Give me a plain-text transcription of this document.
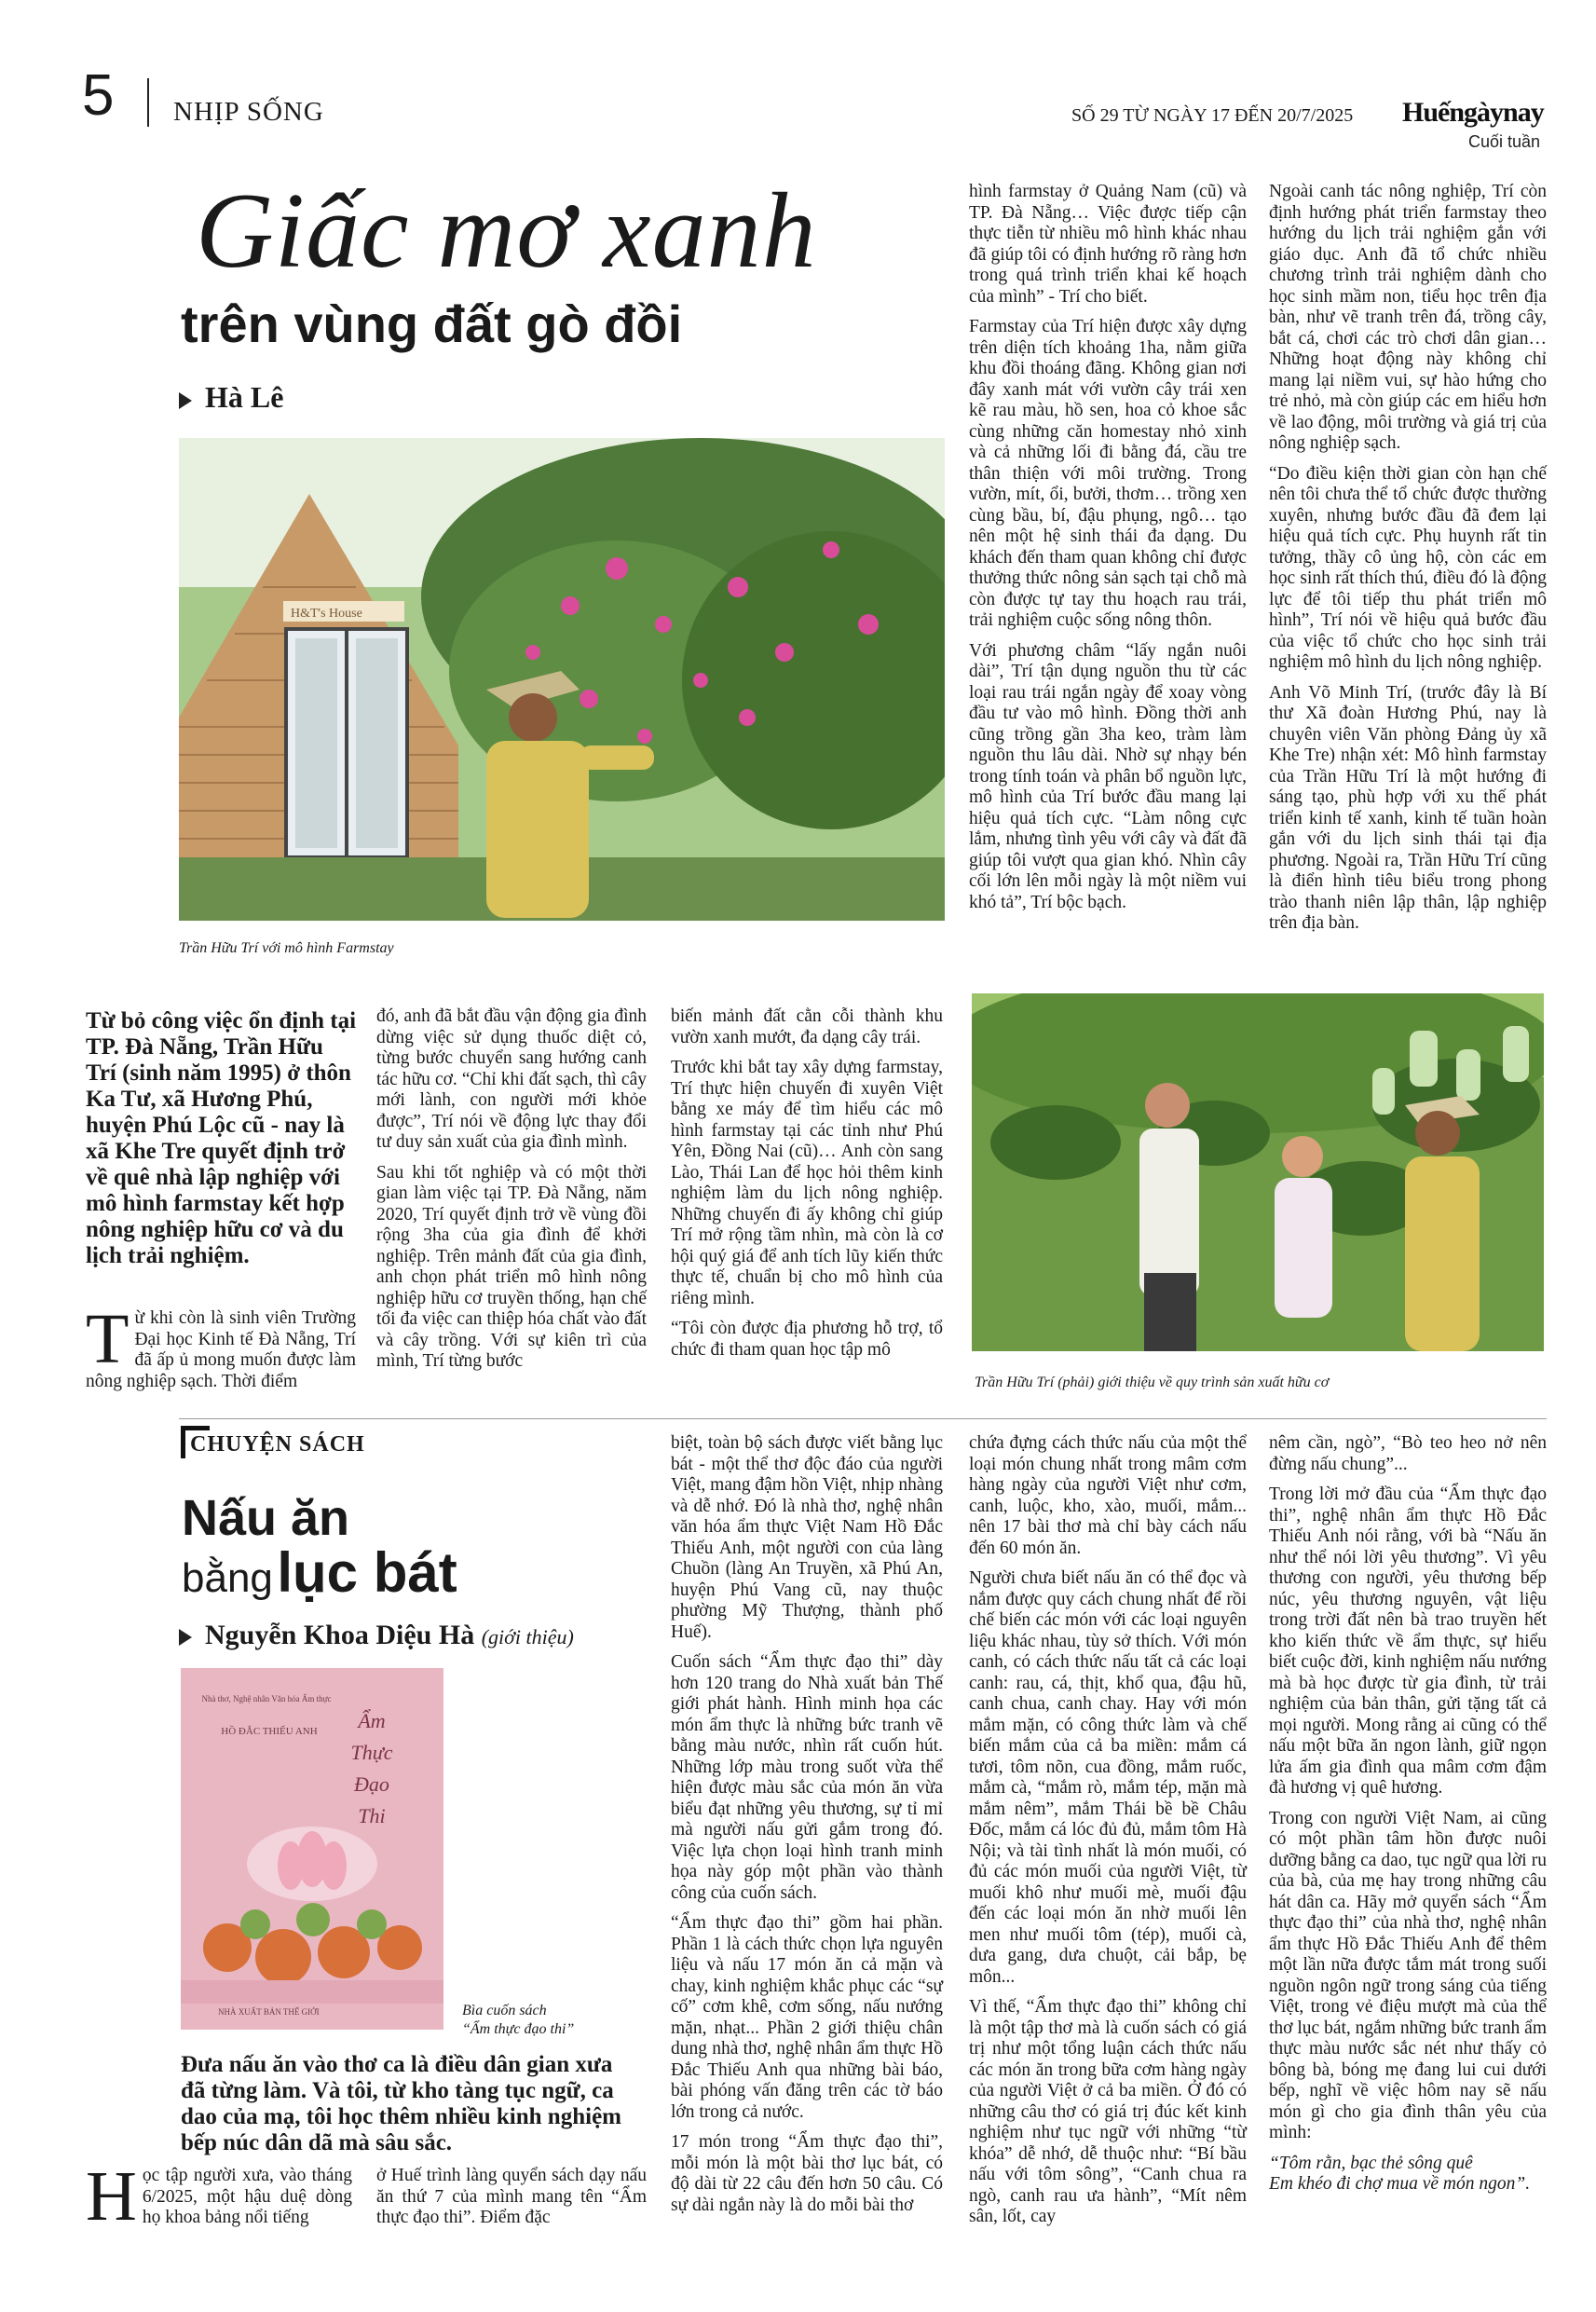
5 NHỊP SỐNG	SỐ 29 TỪ NGÀY 17 ĐẾN 20/7/2025 Huếngàynay
Cuối tuần
Giấc mơ xanh
trên vùng đất gò đồi
Hà Lê
H&T's House
Trần Hữu Trí với mô hình Farmstay
Từ bỏ công việc ổn định tại TP. Đà Nẵng, Trần Hữu Trí (sinh năm 1995) ở thôn Ka Tư, xã Hương Phú, huyện Phú Lộc cũ - nay là xã Khe Tre quyết định trở về quê nhà lập nghiệp với mô hình farmstay kết hợp nông nghiệp hữu cơ và du lịch trải nghiệm.
Từ khi còn là sinh viên Trường Đại học Kinh tế Đà Nẵng, Trí đã ấp ủ mong muốn được làm nông nghiệp sạch. Thời điểm

đó, anh đã bắt đầu vận động gia đình dừng việc sử dụng thuốc diệt cỏ, từng bước chuyển sang hướng canh tác hữu cơ. “Chỉ khi đất sạch, thì cây mới lành, con người mới khỏe được”, Trí nói về động lực thay đổi tư duy sản xuất của gia đình mình.

Sau khi tốt nghiệp và có một thời gian làm việc tại TP. Đà Nẵng, năm 2020, Trí quyết định trở về vùng đồi rộng 3ha của gia đình để khởi nghiệp. Trên mảnh đất của gia đình, anh chọn phát triển mô hình nông nghiệp hữu cơ truyền thống, hạn chế tối đa việc can thiệp hóa chất vào đất và cây trồng. Với sự kiên trì của mình, Trí từng bước

biến mảnh đất cằn cỗi thành khu vườn xanh mướt, đa dạng cây trái.

Trước khi bắt tay xây dựng farmstay, Trí thực hiện chuyến đi xuyên Việt bằng xe máy để tìm hiểu các mô hình farmstay tại các tỉnh như Phú Yên, Đồng Nai (cũ)… Anh còn sang Lào, Thái Lan để học hỏi thêm kinh nghiệm làm du lịch nông nghiệp. Những chuyến đi ấy không chỉ giúp Trí mở rộng tầm nhìn, mà còn là cơ hội quý giá để anh tích lũy kiến thức thực tế, chuẩn bị cho mô hình của riêng mình.

“Tôi còn được địa phương hỗ trợ, tổ chức đi tham quan học tập mô

hình farmstay ở Quảng Nam (cũ) và TP. Đà Nẵng… Việc được tiếp cận thực tiễn từ nhiều mô hình khác nhau đã giúp tôi có định hướng rõ ràng hơn trong quá trình triển khai kế hoạch của mình” - Trí cho biết.

Farmstay của Trí hiện được xây dựng trên diện tích khoảng 1ha, nằm giữa khu đồi thoáng đãng. Không gian nơi đây xanh mát với vườn cây trái xen kẽ rau màu, hồ sen, hoa cỏ khoe sắc cùng những căn homestay nhỏ xinh và cả những lối đi bằng đá, cầu tre thân thiện với môi trường. Trong vườn, mít, ổi, bưởi, thơm… trồng xen cùng bầu, bí, đậu phụng, ngô… tạo nên một hệ sinh thái đa dạng. Du khách đến tham quan không chỉ được thưởng thức nông sản sạch tại chỗ mà còn được tự tay thu hoạch rau trái, trải nghiệm cuộc sống nông thôn.

Với phương châm “lấy ngắn nuôi dài”, Trí tận dụng nguồn thu từ các loại rau trái ngắn ngày để xoay vòng đầu tư vào mô hình. Đồng thời anh cũng trồng gần 3ha keo, tràm làm nguồn thu lâu dài. Nhờ sự nhạy bén trong tính toán và phân bổ nguồn lực, mô hình của Trí bước đầu mang lại hiệu quả tích cực. “Làm nông cực lắm, nhưng tình yêu với cây và đất đã giúp tôi vượt qua gian khó. Nhìn cây cối lớn lên mỗi ngày là một niềm vui khó tả”, Trí bộc bạch.

Ngoài canh tác nông nghiệp, Trí còn định hướng phát triển farmstay theo hướng du lịch trải nghiệm gắn với giáo dục. Anh đã tổ chức nhiều chương trình trải nghiệm dành cho học sinh mầm non, tiểu học trên địa bàn, như vẽ tranh trên đá, trồng cây, bắt cá, chơi các trò chơi dân gian… Những hoạt động này không chỉ mang lại niềm vui, sự hào hứng cho trẻ nhỏ, mà còn giúp các em hiểu hơn về lao động, môi trường và giá trị của nông nghiệp sạch.

“Do điều kiện thời gian còn hạn chế nên tôi chưa thể tổ chức được thường xuyên, nhưng bước đầu đã đem lại hiệu quả tích cực. Phụ huynh rất tin tưởng, thầy cô ủng hộ, còn các em học sinh rất thích thú, điều đó là động lực để tôi tiếp thu phát triển mô hình”, Trí nói về hiệu quả bước đầu của việc tổ chức cho học sinh trải nghiệm mô hình du lịch nông nghiệp.

Anh Võ Minh Trí, (trước đây là Bí thư Xã đoàn Hương Phú, nay là chuyên viên Văn phòng Đảng ủy xã Khe Tre) nhận xét: Mô hình farmstay của Trần Hữu Trí là một hướng đi sáng tạo, phù hợp với xu thế phát triển kinh tế xanh, kinh tế tuần hoàn gắn với du lịch sinh thái tại địa phương. Ngoài ra, Trần Hữu Trí cũng là điển hình tiêu biểu trong phong trào thanh niên lập thân, lập nghiệp trên địa bàn.

Trần Hữu Trí (phải) giới thiệu về quy trình sản xuất hữu cơ
CHUYỆN SÁCH
Nấu ăn
bằng lục bát
Nguyễn Khoa Diệu Hà (giới thiệu)
Nhà thơ, Nghệ nhân Văn hóa Ẩm thực
HỒ ĐẮC THIẾU ANH	Ẩm Thực Đạo Thi
NHÀ XUẤT BẢN THẾ GIỚI	Bìa cuốn sách
“Ẩm thực đạo thi”
Đưa nấu ăn vào thơ ca là điều dân gian xưa đã từng làm. Và tôi, từ kho tàng tục ngữ, ca dao của mạ, tôi học thêm nhiều kinh nghiệm bếp núc dân dã mà sâu sắc.
Học tập người xưa, vào tháng 6/2025, một hậu duệ dòng họ khoa bảng nổi tiếng

ở Huế trình làng quyển sách dạy nấu ăn thứ 7 của mình mang tên “Ẩm thực đạo thi”. Điểm đặc

biệt, toàn bộ sách được viết bằng lục bát - một thể thơ độc đáo của người Việt, mang đậm hồn Việt, nhịp nhàng và dễ nhớ. Đó là nhà thơ, nghệ nhân văn hóa ẩm thực Việt Nam Hồ Đắc Thiếu Anh, một người con của làng Chuồn (làng An Truyền, xã Phú An, huyện Phú Vang cũ, nay thuộc phường Mỹ Thượng, thành phố Huế).

Cuốn sách “Ẩm thực đạo thi” dày hơn 120 trang do Nhà xuất bản Thế giới phát hành. Hình minh họa các món ẩm thực là những bức tranh vẽ bằng màu nước, nhìn rất cuốn hút. Những lớp màu trong suốt vừa thể hiện được màu sắc của món ăn vừa biểu đạt những yêu thương, sự tỉ mỉ mà người nấu gửi gắm trong đó. Việc lựa chọn loại hình tranh minh họa này góp một phần vào thành công của cuốn sách.

“Ẩm thực đạo thi” gồm hai phần. Phần 1 là cách thức chọn lựa nguyên liệu và nấu 17 món ăn cả mặn và chay, kinh nghiệm khắc phục các “sự cố” cơm khê, cơm sống, nấu nướng mặn, nhạt... Phần 2 giới thiệu chân dung nhà thơ, nghệ nhân ẩm thực Hồ Đắc Thiếu Anh qua những bài báo, bài phóng vấn đăng trên các tờ báo lớn trong cả nước.

17 món trong “Ẩm thực đạo thi”, mỗi món là một bài thơ lục bát, có độ dài từ 22 câu đến hơn 50 câu. Có sự dài ngắn này là do mỗi bài thơ

chứa đựng cách thức nấu của một thể loại món chung nhất trong mâm cơm hàng ngày của người Việt như cơm, canh, luộc, kho, xào, muối, mắm... nên 17 bài thơ mà chỉ bày cách nấu đến 60 món ăn.

Người chưa biết nấu ăn có thể đọc và nắm được quy cách chung nhất để rồi chế biến các món với các loại nguyên liệu khác nhau, tùy sở thích. Với món canh, có cách thức nấu tất cả các loại canh: rau, cá, thịt, khổ qua, đậu hũ, canh chua, canh chay. Hay với món mắm mặn, có công thức làm và chế biến mắm của cả ba miền: mắm cá tươi, tôm nõn, cua đồng, mắm ruốc, mắm cà, “mắm rò, mắm tép, mặn mà mắm nêm”, mắm Thái bề bề Châu Đốc, mắm cá lóc đủ đủ, mắm tôm Hà Nội; và tài tình nhất là món muối, có đủ các món muối của người Việt, từ muối khô như muối mè, muối đậu đến các loại món ăn nhờ muối lên men như muối tôm (tép), muối cà, dưa gang, dưa chuột, cải bắp, bẹ môn...

Vì thế, “Ẩm thực đạo thi” không chỉ là một tập thơ mà là cuốn sách có giá trị như một tổng luận cách thức nấu các món ăn trong bữa cơm hàng ngày của người Việt ở cả ba miền. Ở đó có những câu thơ có giá trị đúc kết kinh nghiệm như tục ngữ với những “từ khóa” dễ nhớ, dễ thuộc như: “Bí bầu nấu với tôm sông”, “Canh chua ra ngò, canh rau ưa hành”, “Mít nêm sân, lốt, cay

nêm cần, ngò”, “Bò teo heo nở nên đừng nấu chung”...

Trong lời mở đầu của “Ẩm thực đạo thi”, nghệ nhân ẩm thực Hồ Đắc Thiếu Anh nói rằng, với bà “Nấu ăn như thể nói lời yêu thương”. Vì yêu thương con người, yêu thương bếp núc, yêu thương nguyên, vật liệu trong trời đất nên bà trao truyền hết kho kiến thức về ẩm thực, sự hiểu biết cuộc đời, kinh nghiệm nấu nướng mà bà học được từ gia đình, từ trải nghiệm của bản thân, gửi tặng tất cả mọi người. Mong rằng ai cũng có thể nấu một bữa ăn ngon lành, giữ ngọn lửa ấm gia đình qua mâm cơm đậm đà hương vị quê hương.

Trong con người Việt Nam, ai cũng có một phần tâm hồn được nuôi dưỡng bằng ca dao, tục ngữ qua lời ru của bà, của mẹ hay trong những câu hát dân ca. Hãy mở quyển sách “Ẩm thực đạo thi” của nhà thơ, nghệ nhân ẩm thực Hồ Đắc Thiếu Anh để thêm một lần nữa được tắm mát trong suối nguồn ngôn ngữ trong sáng của tiếng Việt, trong vẻ điệu mượt mà của thể thơ lục bát, ngắm những bức tranh ẩm thực màu nước sắc nét như thấy cỏ bông bà, bóng mẹ đang lui cui dưới bếp, nghĩ về việc hôm nay sẽ nấu món gì cho gia đình thân yêu của mình:

“Tôm rằn, bạc thẻ sông quê
Em khéo đi chợ mua về món ngon”.
